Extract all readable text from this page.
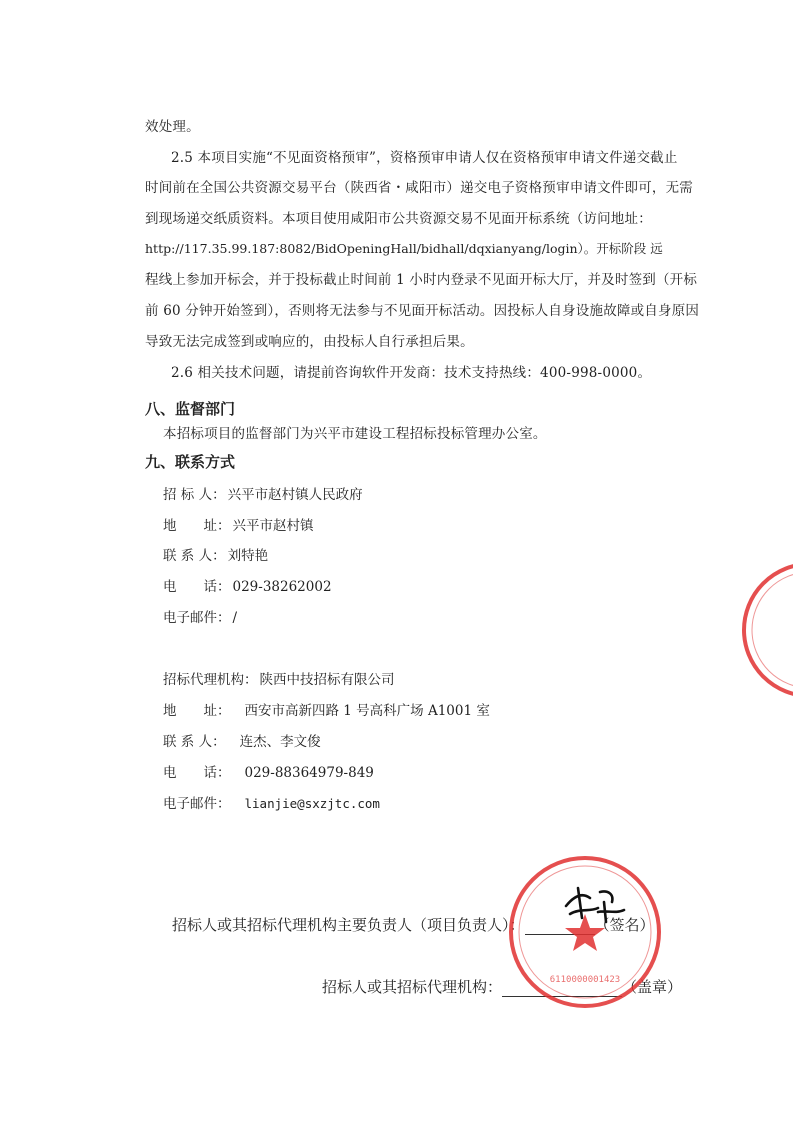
效处理。
2.5 本项目实施“不见面资格预审”，资格预审申请人仅在资格预审申请文件递交截止
时间前在全国公共资源交易平台（陕西省・咸阳市）递交电子资格预审申请文件即可，无需
到现场递交纸质资料。本项目使用咸阳市公共资源交易不见面开标系统（访问地址：
http://117.35.99.187:8082/BidOpeningHall/bidhall/dqxianyang/login）。开标阶段 远
程线上参加开标会，并于投标截止时间前 1 小时内登录不见面开标大厅，并及时签到（开标
前 60 分钟开始签到），否则将无法参与不见面开标活动。因投标人自身设施故障或自身原因
导致无法完成签到或响应的，由投标人自行承担后果。
2.6 相关技术问题，请提前咨询软件开发商：技术支持热线：400-998-0000。
八、监督部门
本招标项目的监督部门为兴平市建设工程招标投标管理办公室。
九、联系方式
招 标 人： 兴平市赵村镇人民政府
地　　址： 兴平市赵村镇
联 系 人： 刘特艳
电　　话： 029-38262002
电子邮件： /
招标代理机构： 陕西中技招标有限公司
地　　址： 西安市高新四路 1 号高科广场 A1001 室
联 系 人： 连杰、李文俊
电　　话： 029-88364979-849
电子邮件： lianjie@sxzjtc.com
招标人或其招标代理机构主要负责人（项目负责人）：	（签名）
招标人或其招标代理机构：	（盖章）
6110000001423
